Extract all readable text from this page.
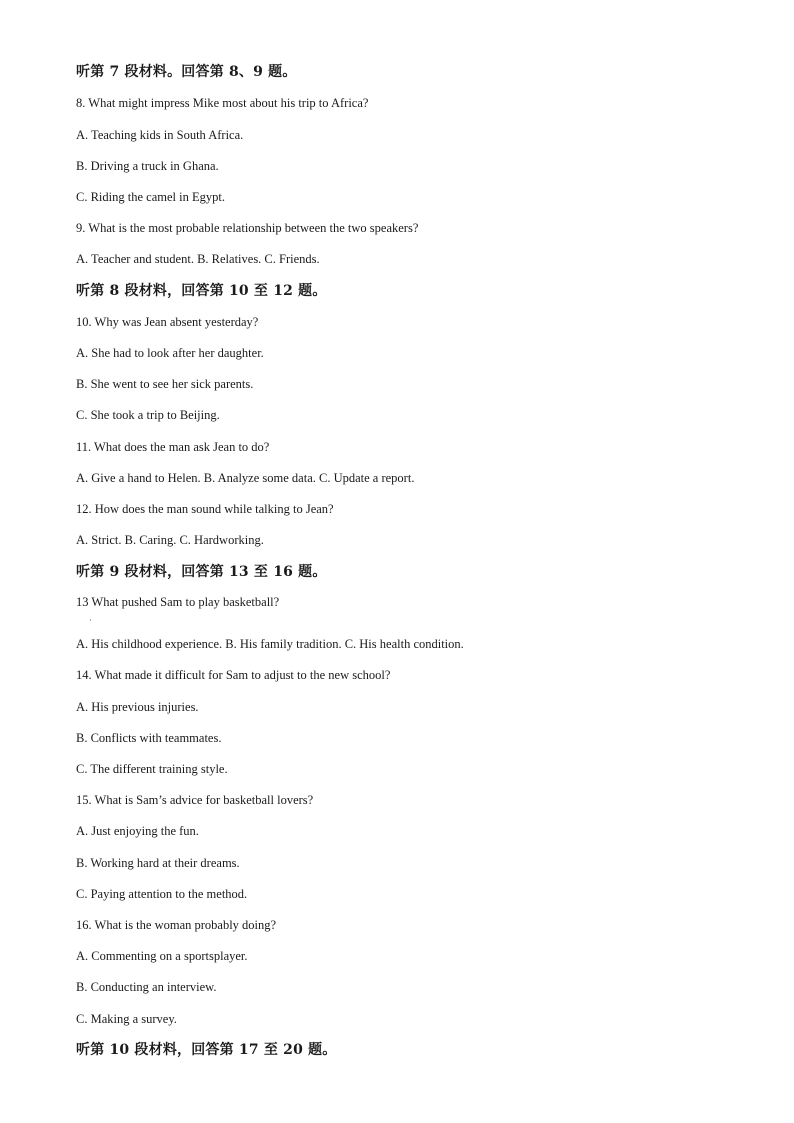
听第 7 段材料。回答第 8、9 题。
8. What might impress Mike most about his trip to Africa?
A. Teaching kids in South Africa.
B. Driving a truck in Ghana.
C. Riding the camel in Egypt.
9. What is the most probable relationship between the two speakers?
A. Teacher and student. B. Relatives. C. Friends.
听第 8 段材料，回答第 10 至 12 题。
10. Why was Jean absent yesterday?
A. She had to look after her daughter.
B. She went to see her sick parents.
C. She took a trip to Beijing.
11. What does the man ask Jean to do?
A. Give a hand to Helen. B. Analyze some data. C. Update a report.
12. How does the man sound while talking to Jean?
A. Strict. B. Caring. C. Hardworking.
听第 9 段材料，回答第 13 至 16 题。
13 What pushed Sam to play basketball?
·
A. His childhood experience. B. His family tradition. C. His health condition.
14. What made it difficult for Sam to adjust to the new school?
A. His previous injuries.
B. Conflicts with teammates.
C. The different training style.
15. What is Sam’s advice for basketball lovers?
A. Just enjoying the fun.
B. Working hard at their dreams.
C. Paying attention to the method.
16. What is the woman probably doing?
A. Commenting on a sportsplayer.
B. Conducting an interview.
C. Making a survey.
听第 10 段材料，回答第 17 至 20 题。
